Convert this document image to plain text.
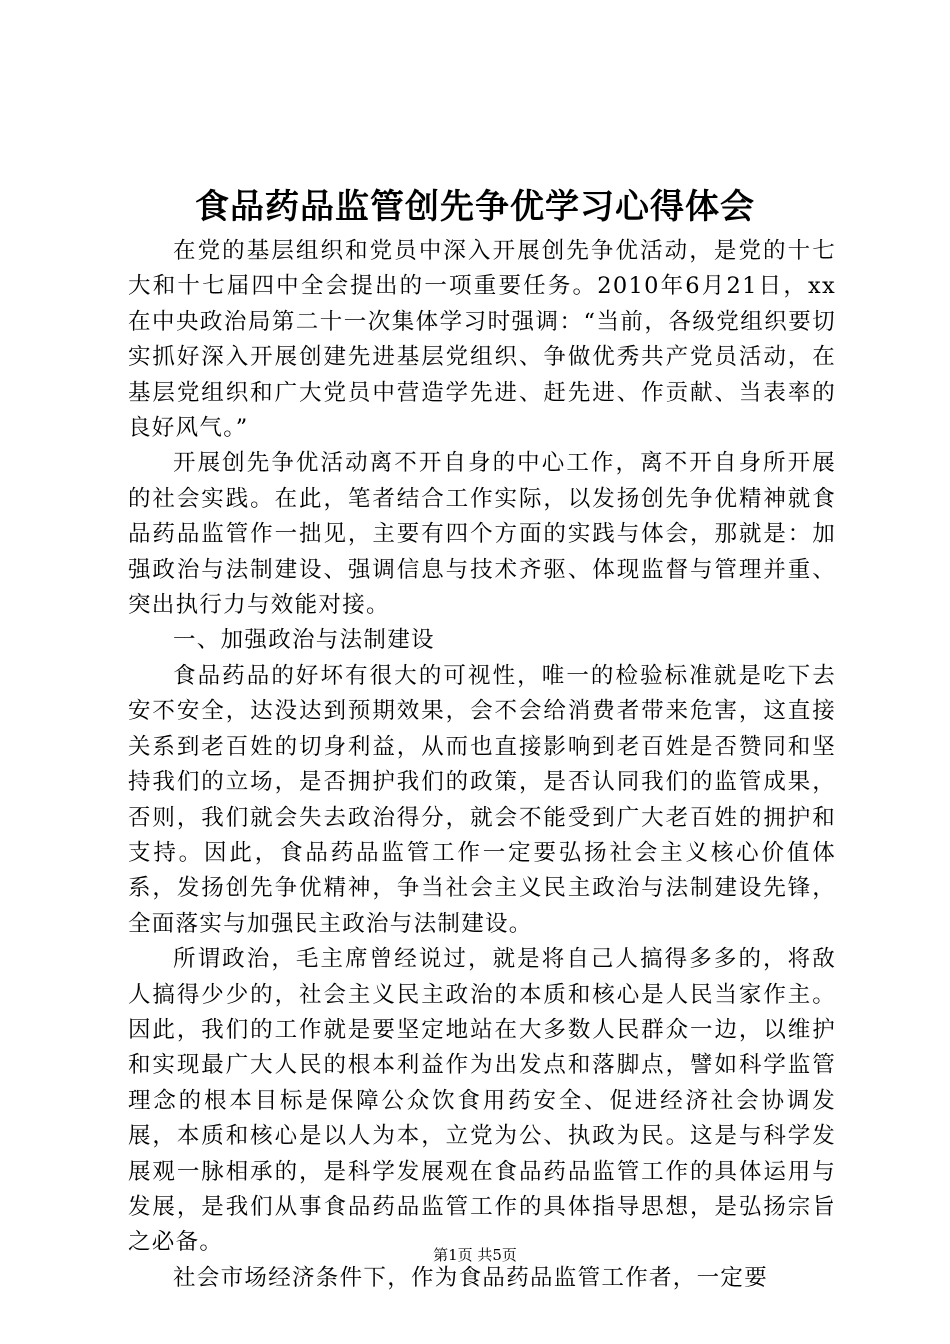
食品药品监管创先争优学习心得体会

在党的基层组织和党员中深入开展创先争优活动，是党的十七大和十七届四中全会提出的一项重要任务。2010年6月21日，xx在中央政治局第二十一次集体学习时强调：“当前，各级党组织要切实抓好深入开展创建先进基层党组织、争做优秀共产党员活动，在基层党组织和广大党员中营造学先进、赶先进、作贡献、当表率的良好风气。”

开展创先争优活动离不开自身的中心工作，离不开自身所开展的社会实践。在此，笔者结合工作实际，以发扬创先争优精神就食品药品监管作一拙见，主要有四个方面的实践与体会，那就是：加强政治与法制建设、强调信息与技术齐驱、体现监督与管理并重、突出执行力与效能对接。

一、加强政治与法制建设

食品药品的好坏有很大的可视性，唯一的检验标准就是吃下去安不安全，达没达到预期效果，会不会给消费者带来危害，这直接关系到老百姓的切身利益，从而也直接影响到老百姓是否赞同和坚持我们的立场，是否拥护我们的政策，是否认同我们的监管成果，否则，我们就会失去政治得分，就会不能受到广大老百姓的拥护和支持。因此，食品药品监管工作一定要弘扬社会主义核心价值体系，发扬创先争优精神，争当社会主义民主政治与法制建设先锋，全面落实与加强民主政治与法制建设。

所谓政治，毛主席曾经说过，就是将自己人搞得多多的，将敌人搞得少少的，社会主义民主政治的本质和核心是人民当家作主。因此，我们的工作就是要坚定地站在大多数人民群众一边，以维护和实现最广大人民的根本利益作为出发点和落脚点，譬如科学监管理念的根本目标是保障公众饮食用药安全、促进经济社会协调发展，本质和核心是以人为本，立党为公、执政为民。这是与科学发展观一脉相承的，是科学发展观在食品药品监管工作的具体运用与发展，是我们从事食品药品监管工作的具体指导思想，是弘扬宗旨之必备。

社会市场经济条件下，作为食品药品监管工作者，一定要

第1页 共5页
